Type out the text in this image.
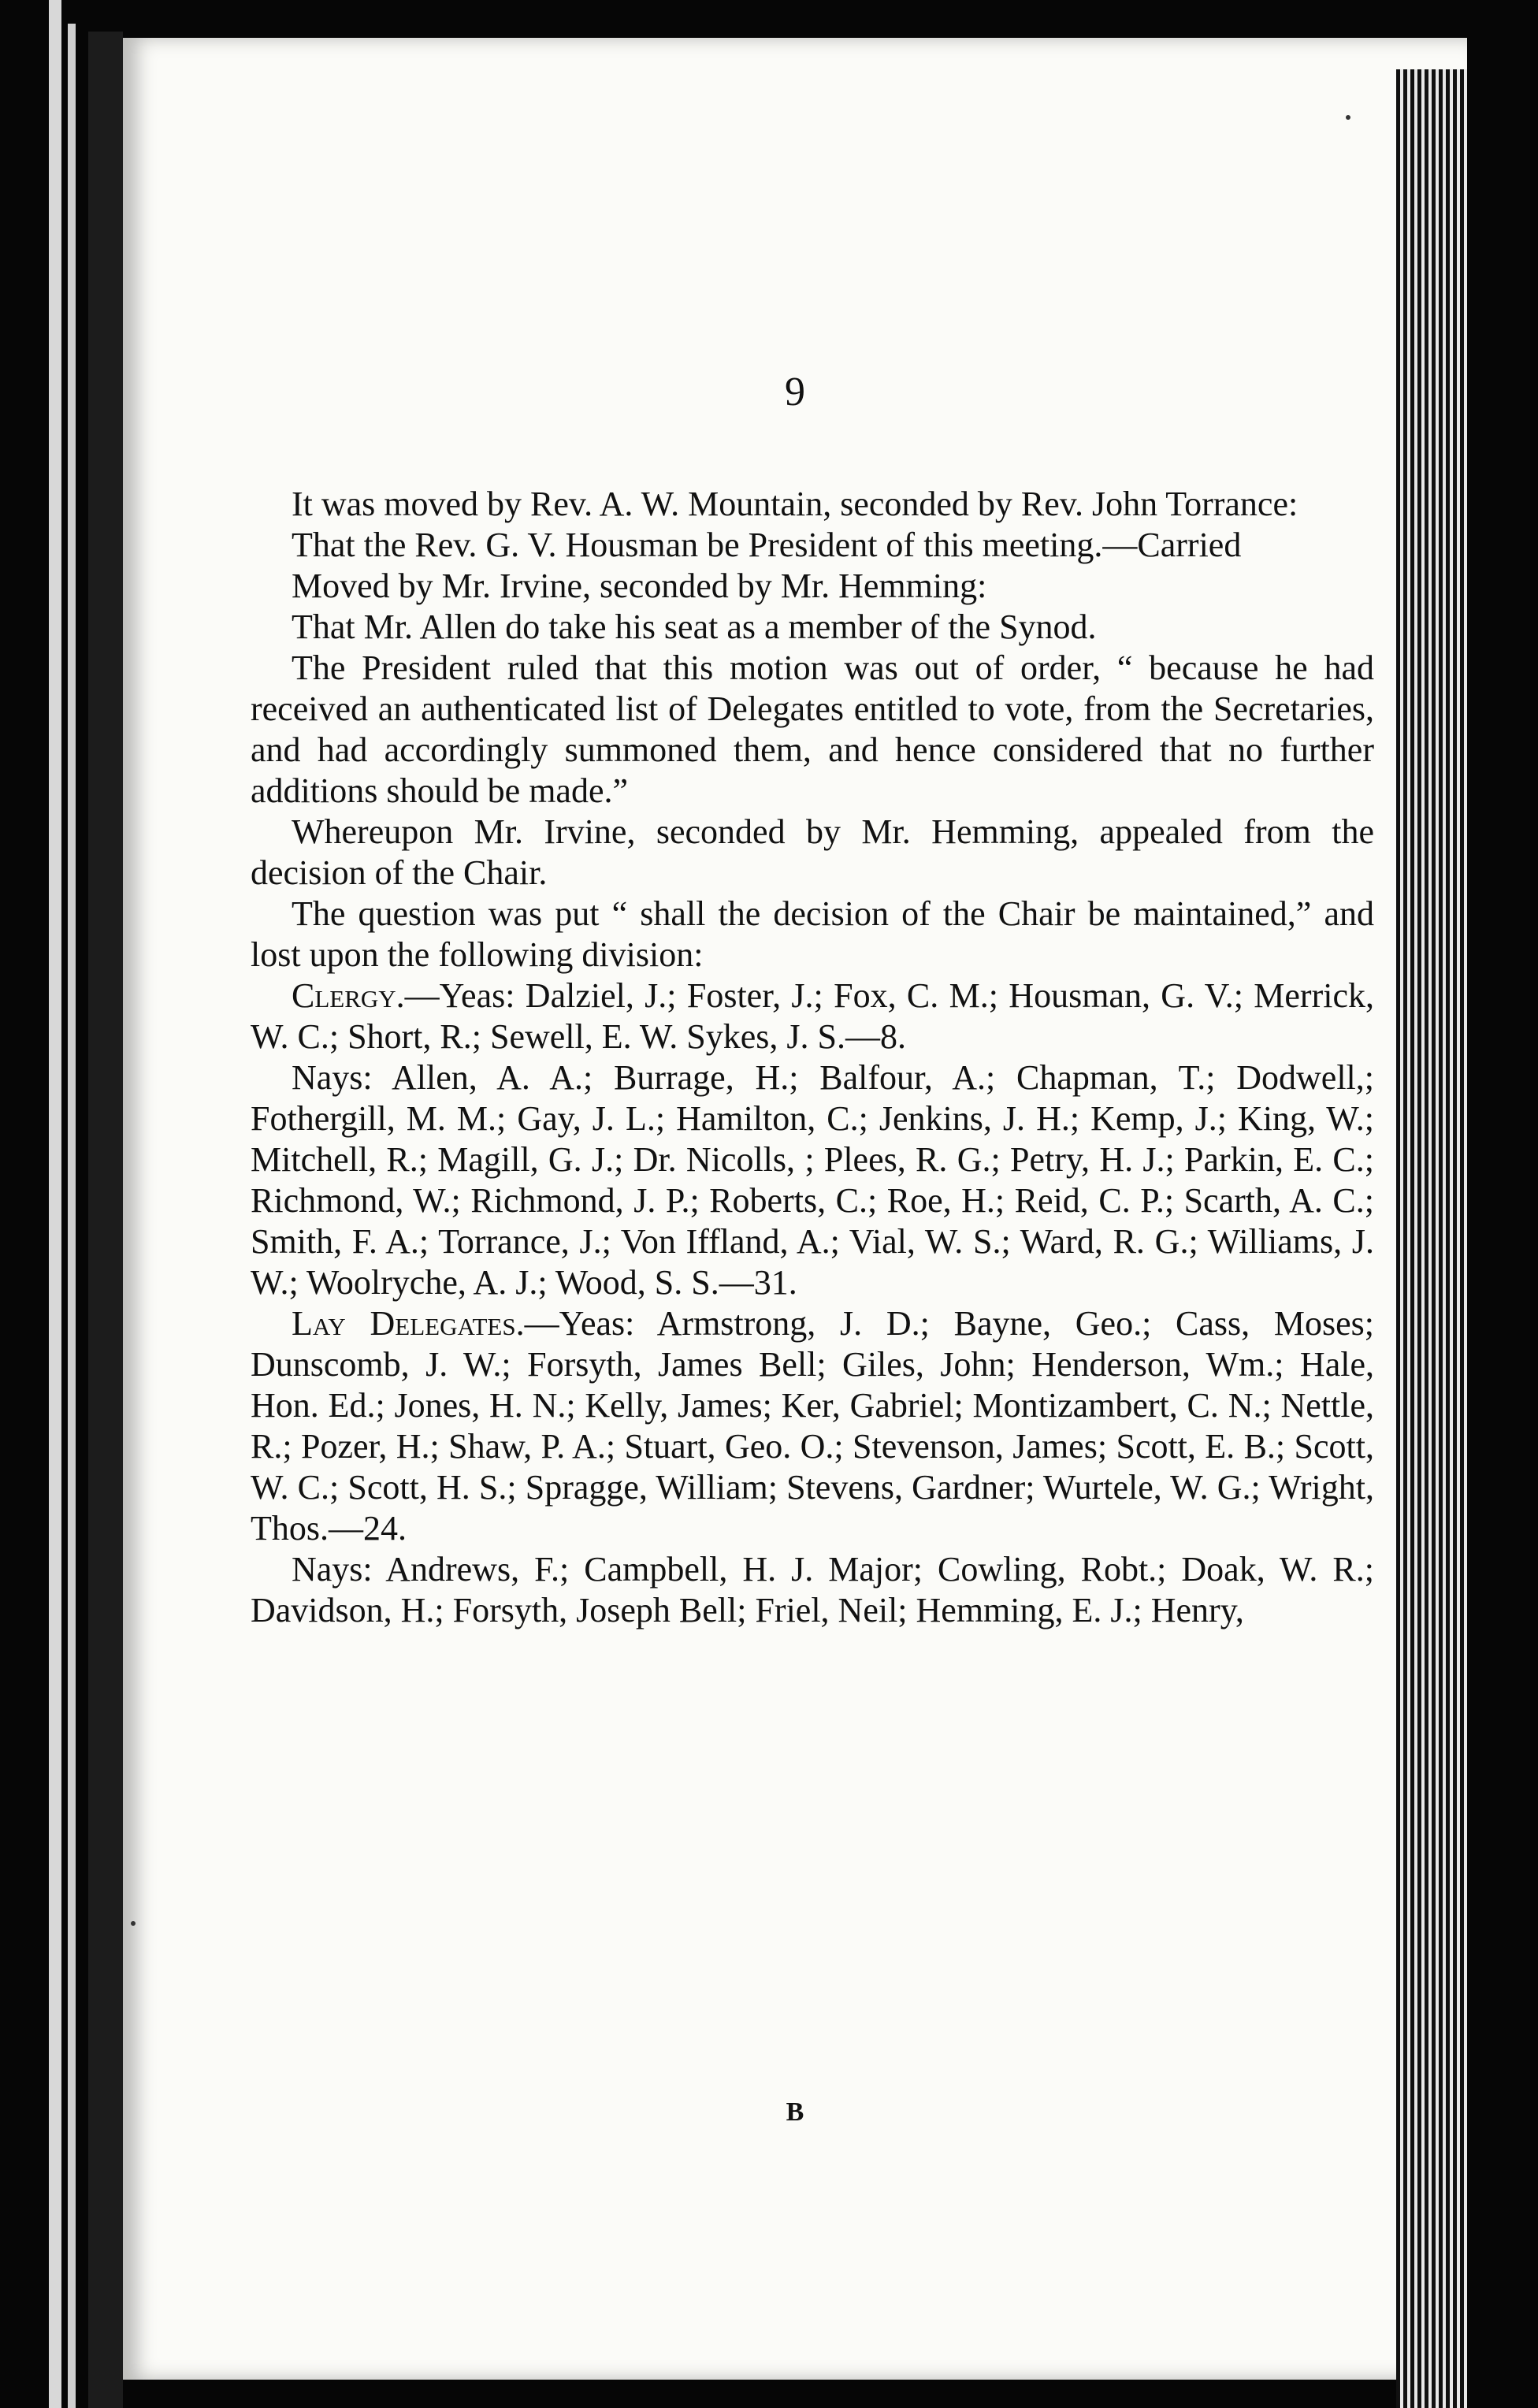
9

It was moved by Rev. A. W. Mountain, seconded by Rev. John Torrance:

That the Rev. G. V. Housman be President of this meeting.—Carried

Moved by Mr. Irvine, seconded by Mr. Hemming:

That Mr. Allen do take his seat as a member of the Synod.

The President ruled that this motion was out of order, “ because he had received an authenticated list of Delegates entitled to vote, from the Secretaries, and had accordingly summoned them, and hence considered that no further additions should be made.”

Whereupon Mr. Irvine, seconded by Mr. Hemming, appealed from the decision of the Chair.

The question was put “ shall the decision of the Chair be maintained,” and lost upon the following division:

Clergy.—Yeas: Dalziel, J.; Foster, J.; Fox, C. M.; Housman, G. V.; Merrick, W. C.; Short, R.; Sewell, E. W. Sykes, J. S.—8.

Nays: Allen, A. A.; Burrage, H.; Balfour, A.; Chapman, T.; Dodwell,; Fothergill, M. M.; Gay, J. L.; Hamilton, C.; Jenkins, J. H.; Kemp, J.; King, W.; Mitchell, R.; Magill, G. J.; Dr. Nicolls, ; Plees, R. G.; Petry, H. J.; Parkin, E. C.; Richmond, W.; Richmond, J. P.; Roberts, C.; Roe, H.; Reid, C. P.; Scarth, A. C.; Smith, F. A.; Torrance, J.; Von Iffland, A.; Vial, W. S.; Ward, R. G.; Williams, J. W.; Woolryche, A. J.; Wood, S. S.—31.

Lay Delegates.—Yeas: Armstrong, J. D.; Bayne, Geo.; Cass, Moses; Dunscomb, J. W.; Forsyth, James Bell; Giles, John; Henderson, Wm.; Hale, Hon. Ed.; Jones, H. N.; Kelly, James; Ker, Gabriel; Montizambert, C. N.; Nettle, R.; Pozer, H.; Shaw, P. A.; Stuart, Geo. O.; Stevenson, James; Scott, E. B.; Scott, W. C.; Scott, H. S.; Spragge, William; Stevens, Gardner; Wurtele, W. G.; Wright, Thos.—24.

Nays: Andrews, F.; Campbell, H. J. Major; Cowling, Robt.; Doak, W. R.; Davidson, H.; Forsyth, Joseph Bell; Friel, Neil; Hemming, E. J.; Henry,

B
